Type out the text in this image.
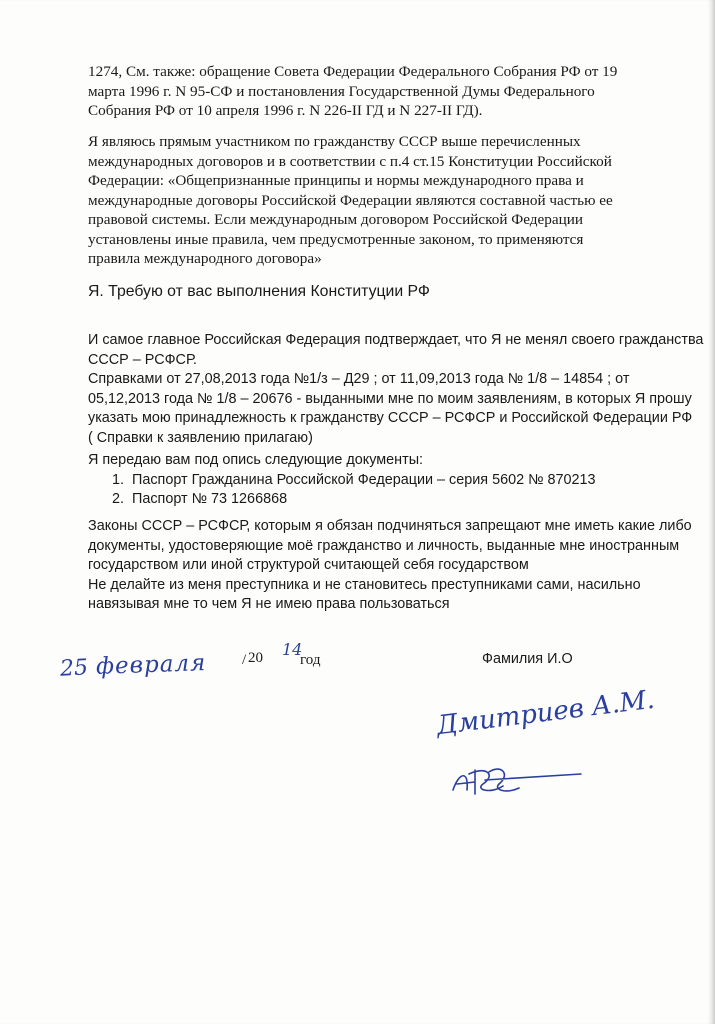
1274, См. также: обращение Совета Федерации Федерального Собрания РФ от 19
марта 1996 г. N 95-СФ и постановления Государственной Думы Федерального
Собрания РФ от 10 апреля 1996 г. N 226-II ГД и N 227-II ГД).
Я являюсь прямым участником по гражданству СССР выше перечисленных
международных договоров и в соответствии с п.4 ст.15 Конституции Российской
Федерации: «Общепризнанные принципы и нормы международного права и
международные договоры Российской Федерации являются составной частью ее
правовой системы. Если международным договором Российской Федерации
установлены иные правила, чем предусмотренные законом, то применяются
правила международного договора»
Я. Требую от вас выполнения Конституции РФ
И самое главное Российская Федерация подтверждает, что Я не менял своего гражданства
СССР – РСФСР.
Справками от 27,08,2013 года №1/з – Д29 ; от 11,09,2013 года № 1/8 – 14854 ; от
05,12,2013 года № 1/8 – 20676 - выданными мне по моим заявлениям, в которых Я прошу
указать мою принадлежность к гражданству СССР – РСФСР и Российской Федерации РФ
( Справки к заявлению прилагаю)
Я передаю вам под опись следующие документы:
1. Паспорт Гражданина Российской Федерации – серия 5602 № 870213
2. Паспорт № 73 1266868
Законы СССР – РСФСР, которым я обязан подчиняться запрещают мне иметь какие либо
документы, удостоверяющие моё гражданство и личность, выданные мне иностранным
государством или иной структурой считающей себя государством
Не делайте из меня преступника и не становитесь преступниками сами, насильно
навязывая мне то чем Я не имею права пользоваться
25 февраля / 20 14
год	Фамилия И.О
Дмитриев А.М.
